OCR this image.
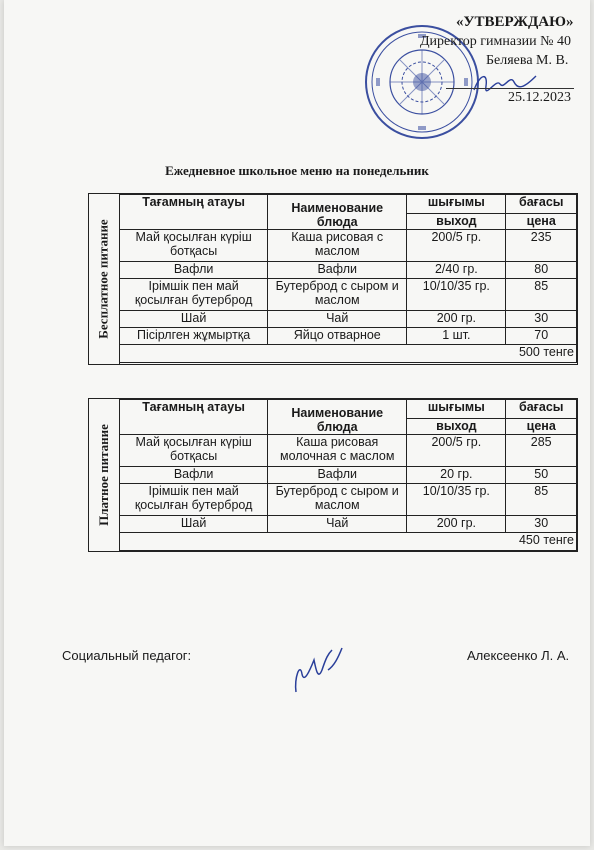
«УТВЕРЖДАЮ»
Директор гимназии № 40
Беляева М. В.
25.12.2023
Ежедневное школьное меню на понедельник
Бесплатное питание
Тағамның атауы	Наименование блюда	шығымы	бағасы
		выход	цена
Май қосылған күріш ботқасы	Каша рисовая с маслом	200/5 гр.	235
Вафли	Вафли	2/40 гр.	80
Ірімшік пен май қосылған бутерброд	Бутерброд с сыром и маслом	10/10/35 гр.	85
Шай	Чай	200 гр.	30
Пісірлген жұмыртқа	Яйцо отварное	1 шт.	70
500 тенге			
Платное питание
Тағамның атауы	Наименование блюда	шығымы	бағасы
		выход	цена
Май қосылған күріш ботқасы	Каша рисовая молочная с маслом	200/5 гр.	285
Вафли	Вафли	20 гр.	50
Ірімшік пен май қосылған бутерброд	Бутерброд с сыром и маслом	10/10/35 гр.	85
Шай	Чай	200 гр.	30
450 тенге			
Социальный педагог:	Алексеенко Л. А.
